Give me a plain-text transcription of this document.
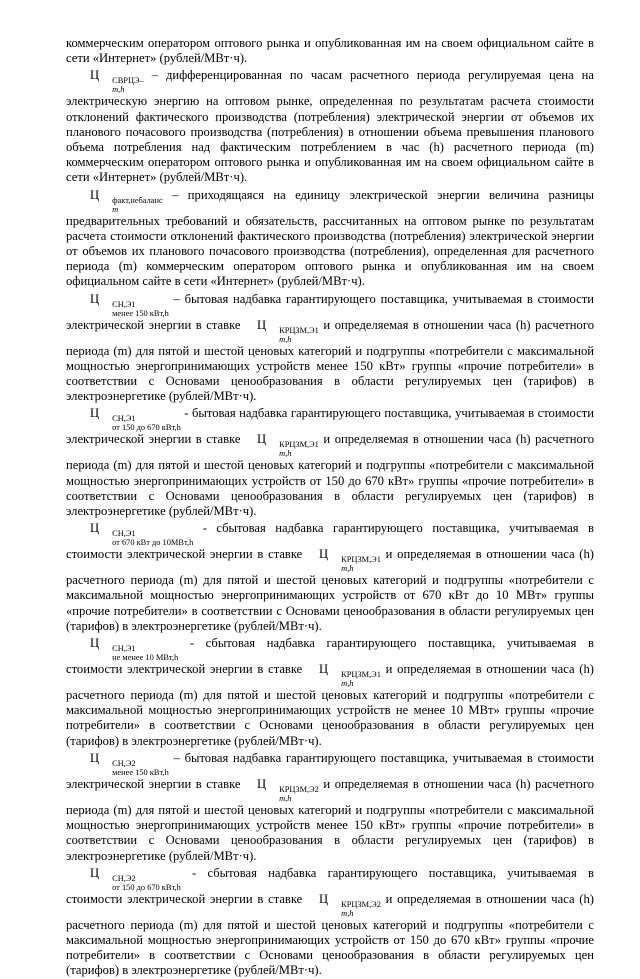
коммерческим оператором оптового рынка и опубликованная им на своем официальном сайте в сети «Интернет» (рублей/МВт·ч).

Ц	СВРЦЭ–
m,h
– дифференцированная по часам расчетного периода регулируемая цена на электрическую энергию на оптовом рынке, определенная по результатам расчета стоимости отклонений фактического производства (потребления) электрической энергии от объемов их планового почасового производства (потребления) в отношении объема превышения планового объема потребления над фактическим потреблением в час (h) расчетного периода (m) коммерческим оператором оптового рынка и опубликованная им на своем официальном сайте в сети «Интернет» (рублей/МВт·ч).

Ц	факт,небаланс
m
– приходящаяся на единицу электрической энергии величина разницы предварительных требований и обязательств, рассчитанных на оптовом рынке по результатам расчета стоимости отклонений фактического производства (потребления) электрической энергии от объемов их планового почасового производства (потребления), определенная для расчетного периода (m) коммерческим оператором оптового рынка и опубликованная им на своем официальном сайте в сети «Интернет» (рублей/МВт·ч).

Ц	СН,Э1
менее 150 кВт,h
– бытовая надбавка гарантирующего поставщика, учитываемая в стоимости электрической энергии в ставке Ц	КРЦЗМ,Э1
m,h
и определяемая в отношении часа (h) расчетного периода (m) для пятой и шестой ценовых категорий и подгруппы «потребители с максимальной мощностью энергопринимающих устройств менее 150 кВт» группы «прочие потребители» в соответствии с Основами ценообразования в области регулируемых цен (тарифов) в электроэнергетике (рублей/МВт·ч).

Ц	СН,Э1
от 150 до 670 кВт,h
- бытовая надбавка гарантирующего поставщика, учитываемая в стоимости электрической энергии в ставке Ц	КРЦЗМ,Э1
m,h
и определяемая в отношении часа (h) расчетного периода (m) для пятой и шестой ценовых категорий и подгруппы «потребители с максимальной мощностью энергопринимающих устройств от 150 до 670 кВт» группы «прочие потребители» в соответствии с Основами ценообразования в области регулируемых цен (тарифов) в электроэнергетике (рублей/МВт·ч).

Ц	СН,Э1
от 670 кВт до 10МВт,h
- сбытовая надбавка гарантирующего поставщика, учитываемая в стоимости электрической энергии в ставке Ц	КРЦЗМ,Э1
m,h
и определяемая в отношении часа (h) расчетного периода (m) для пятой и шестой ценовых категорий и подгруппы «потребители с максимальной мощностью энергопринимающих устройств от 670 кВт до 10 МВт» группы «прочие потребители» в соответствии с Основами ценообразования в области регулируемых цен (тарифов) в электроэнергетике (рублей/МВт·ч).

Ц	СН,Э1
не менее 10 МВт,h
- сбытовая надбавка гарантирующего поставщика, учитываемая в стоимости электрической энергии в ставке Ц	КРЦЗМ,Э1
m,h
и определяемая в отношении часа (h) расчетного периода (m) для пятой и шестой ценовых категорий и подгруппы «потребители с максимальной мощностью энергопринимающих устройств не менее 10 МВт» группы «прочие потребители» в соответствии с Основами ценообразования в области регулируемых цен (тарифов) в электроэнергетике (рублей/МВт·ч).

Ц	СН,Э2
менее 150 кВт,h
– бытовая надбавка гарантирующего поставщика, учитываемая в стоимости электрической энергии в ставке Ц	КРЦЗМ,Э2
m,h
и определяемая в отношении часа (h) расчетного периода (m) для пятой и шестой ценовых категорий и подгруппы «потребители с максимальной мощностью энергопринимающих устройств менее 150 кВт» группы «прочие потребители» в соответствии с Основами ценообразования в области регулируемых цен (тарифов) в электроэнергетике (рублей/МВт·ч).

Ц	СН,Э2
от 150 до 670 кВт,h
- сбытовая надбавка гарантирующего поставщика, учитываемая в стоимости электрической энергии в ставке Ц	КРЦЗМ,Э2
m,h
и определяемая в отношении часа (h) расчетного периода (m) для пятой и шестой ценовых категорий и подгруппы «потребители с максимальной мощностью энергопринимающих устройств от 150 до 670 кВт» группы «прочие потребители» в соответствии с Основами ценообразования в области регулируемых цен (тарифов) в электроэнергетике (рублей/МВт·ч).
